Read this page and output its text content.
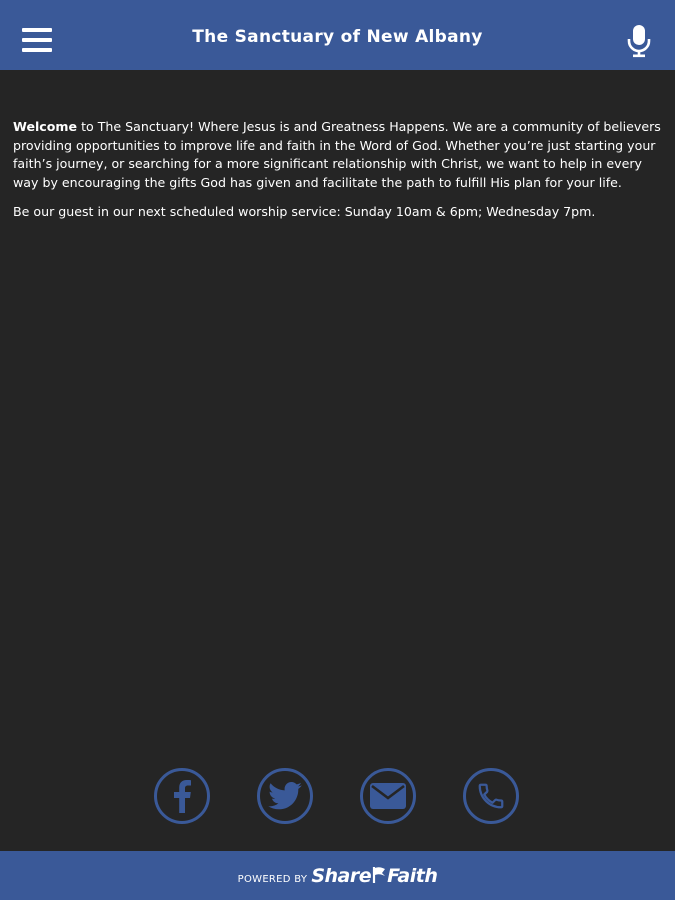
The Sanctuary of New Albany

Welcome to The Sanctuary! Where Jesus is and Greatness Happens. We are a community of believers providing opportunities to improve life and faith in the Word of God. Whether you’re just starting your faith’s journey, or searching for a more significant relationship with Christ, we want to help in every way by encouraging the gifts God has given and facilitate the path to fulfill His plan for your life.

Be our guest in our next scheduled worship service: Sunday 10am & 6pm; Wednesday 7pm.

POWERED BY Share Faith
